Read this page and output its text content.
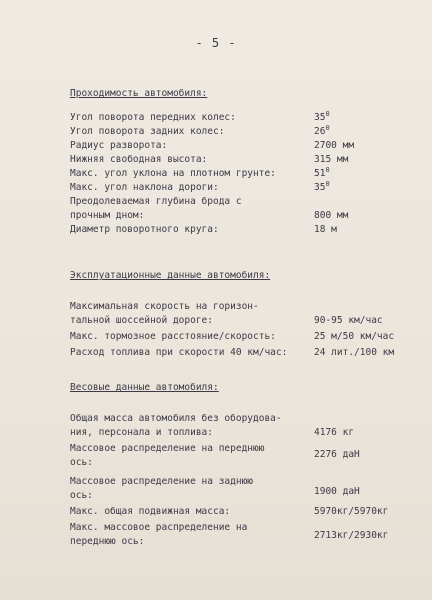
- 5 -
Проходимость автомобиля:
Угол поворота передних колес:	$35^0$
Угол поворота задних колес:	$26^0$
Радиус разворота:	2700 мм
Нижняя свободная высота:	315 мм
Макс. угол уклона на плотном грунте:	$51^0$
Макс. угол наклона дороги:	$35^0$
Преодолеваемая глубина брода с
прочным дном:	800 мм
Диаметр поворотного круга:	18 м
Эксплуатационные данные автомобиля:
Максимальная скорость на горизон-
тальной шоссейной дороге:	90-95 км/час
Макс. тормозное расстояние/скорость:	25 м/50 км/час
Расход топлива при скорости 40 км/час:	24 лит./100 км
Весовые данные автомобиля:
Общая масса автомобиля без оборудова-
ния, персонала и топлива:	4176 кг
Массовое распределение на переднюю
ось:
2276 даН
Массовое распределение на заднюю
ось:	1900 даН
Макс. общая подвижная масса:	5970кг/5970кг
Макс. массовое распределение на
переднюю ось:
2713кг/2930кг
